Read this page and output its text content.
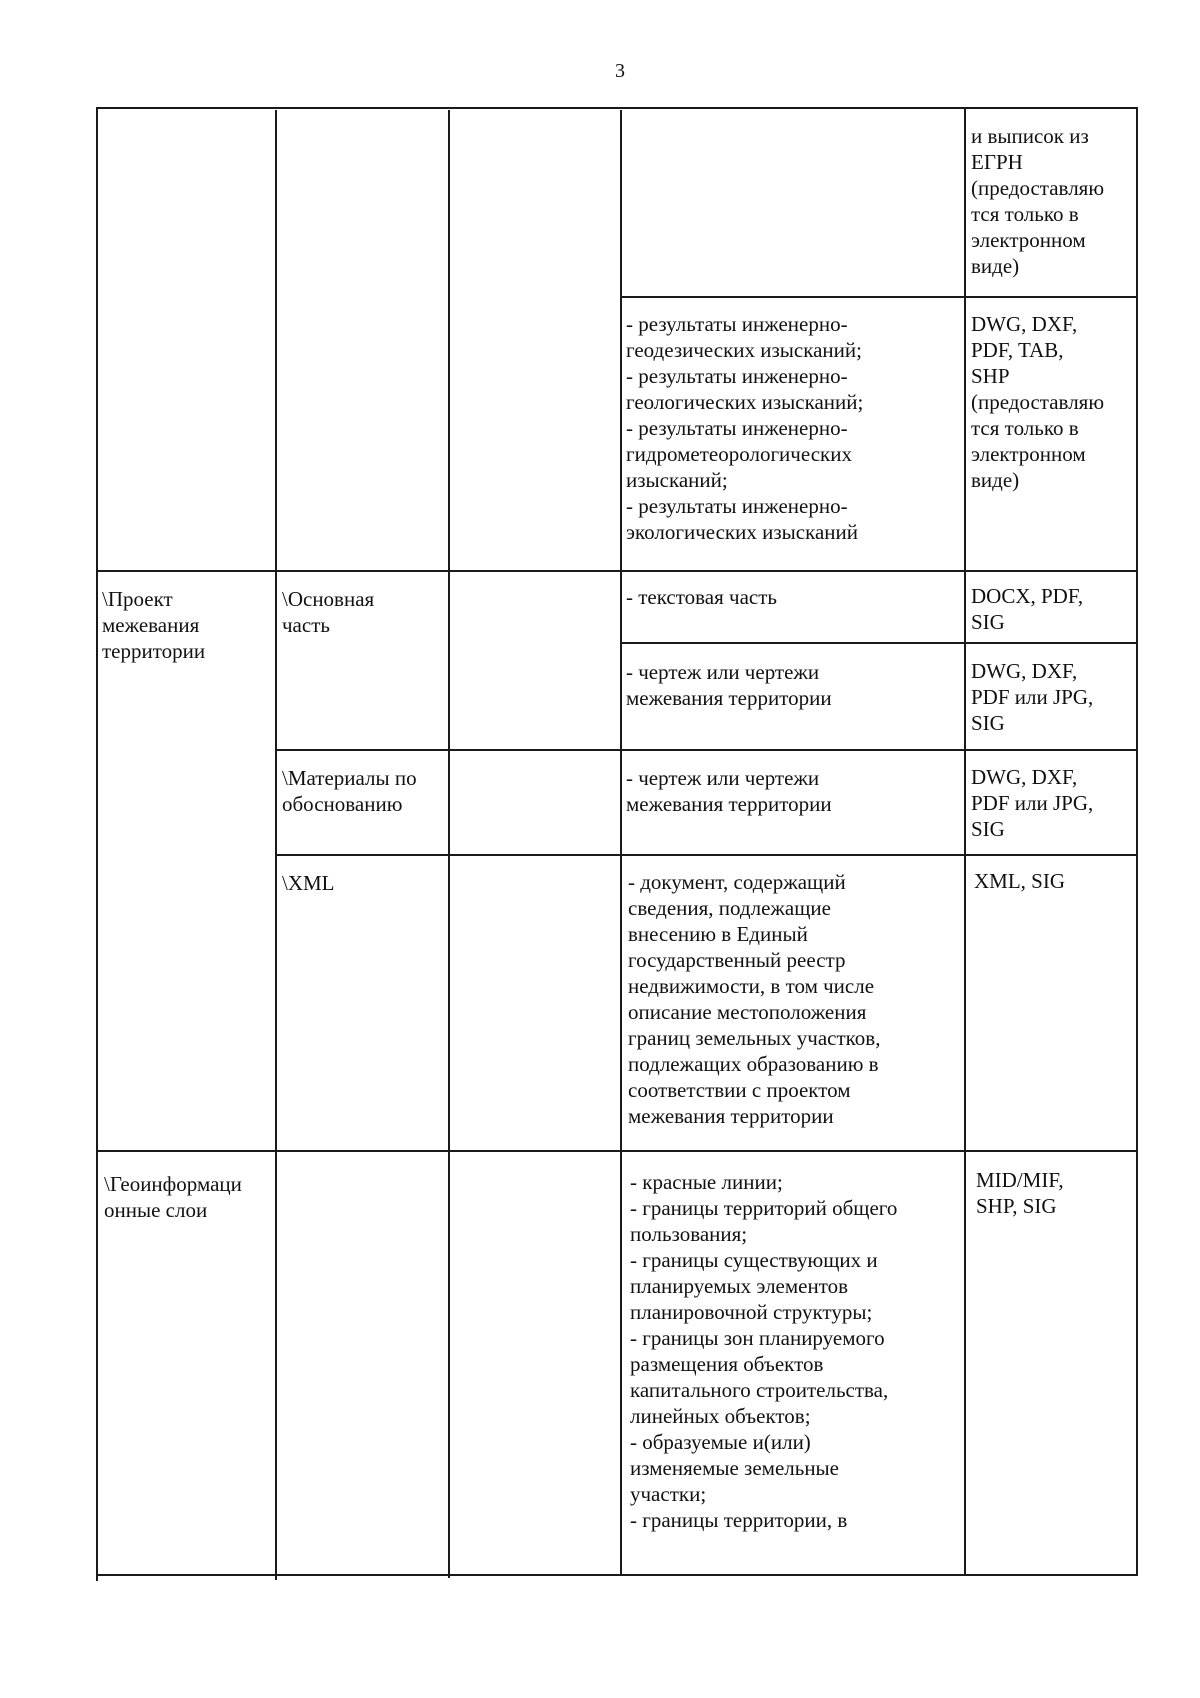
3
и выписок из
ЕГРН
(предоставляю
тся только в
электронном
виде)
- результаты инженерно-
геодезических изысканий;
- результаты инженерно-
геологических изысканий;
- результаты инженерно-
гидрометеорологических
изысканий;
- результаты инженерно-
экологических изысканий
DWG, DXF,
PDF, TAB,
SHP
(предоставляю
тся только в
электронном
виде)
\Проект
межевания
территории
\Основная
часть
- текстовая часть	DOCX, PDF,
SIG
- чертеж или чертежи
межевания территории
DWG, DXF,
PDF или JPG,
SIG
\Материалы по
обоснованию
- чертеж или чертежи
межевания территории
DWG, DXF,
PDF или JPG,
SIG
\XML	- документ, содержащий
сведения, подлежащие
внесению в Единый
государственный реестр
недвижимости, в том числе
описание местоположения
границ земельных участков,
подлежащих образованию в
соответствии с проектом
межевания территории
XML, SIG
\Геоинформаци
онные слои
- красные линии;
- границы территорий общего
пользования;
- границы существующих и
планируемых элементов
планировочной структуры;
- границы зон планируемого
размещения объектов
капитального строительства,
линейных объектов;
- образуемые и(или)
изменяемые земельные
участки;
- границы территории, в
MID/MIF,
SHP, SIG
